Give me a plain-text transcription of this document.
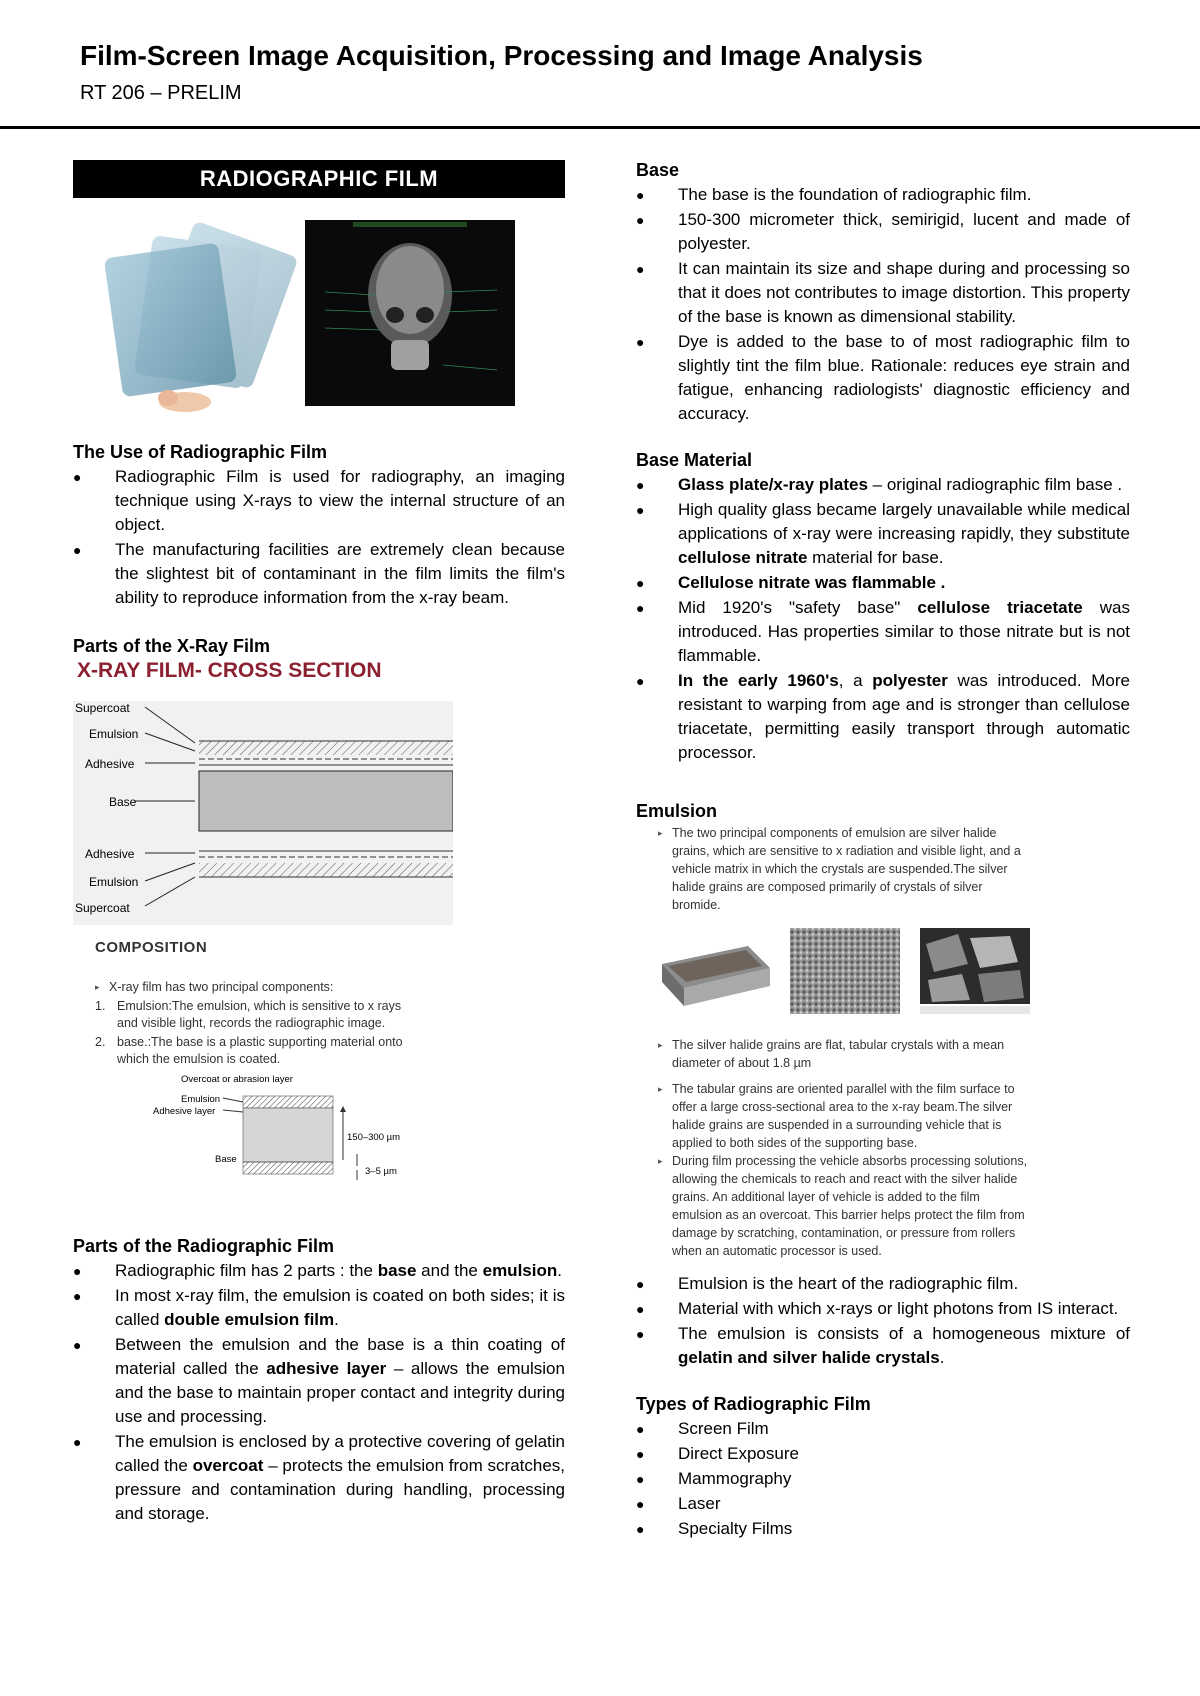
Film-Screen Image Acquisition, Processing and Image Analysis
RT 206 – PRELIM
RADIOGRAPHIC FILM
The Use of Radiographic Film
● Radiographic Film is used for radiography, an imaging technique using X-rays to view the internal structure of an object.
● The manufacturing facilities are extremely clean because the slightest bit of contaminant in the film limits the film's ability to reproduce information from the x-ray beam.
Parts of the X-Ray Film
X-RAY FILM- CROSS SECTION
Supercoat
Emulsion
Adhesive
Base
Adhesive
Emulsion
Supercoat
COMPOSITION
▸ X-ray film has two principal components:
1. Emulsion:The emulsion, which is sensitive to x rays and visible light, records the radiographic image.
2. base.:The base is a plastic supporting material onto which the emulsion is coated.
Overcoat or abrasion layer
Emulsion
Adhesive layer
Base
150–300 µm
3–5 µm
Parts of the Radiographic Film
● Radiographic film has 2 parts : the base and the emulsion.
● In most x-ray film, the emulsion is coated on both sides; it is called double emulsion film.
● Between the emulsion and the base is a thin coating of material called the adhesive layer – allows the emulsion and the base to maintain proper contact and integrity during use and processing.
● The emulsion is enclosed by a protective covering of gelatin called the overcoat – protects the emulsion from scratches, pressure and contamination during handling, processing and storage.
Base
● The base is the foundation of radiographic film.
● 150-300 micrometer thick, semirigid, lucent and made of polyester.
● It can maintain its size and shape during and processing so that it does not contributes to image distortion. This property of the base is known as dimensional stability.
● Dye is added to the base to of most radiographic film to slightly tint the film blue. Rationale: reduces eye strain and fatigue, enhancing radiologists' diagnostic efficiency and accuracy.
Base Material
● Glass plate/x-ray plates – original radiographic film base .
● High quality glass became largely unavailable while medical applications of x-ray were increasing rapidly, they substitute cellulose nitrate material for base.
● Cellulose nitrate was flammable .
● Mid 1920's "safety base" cellulose triacetate was introduced. Has properties similar to those nitrate but is not flammable.
● In the early 1960's, a polyester was introduced. More resistant to warping from age and is stronger than cellulose triacetate, permitting easily transport through automatic processor.
Emulsion
▸ The two principal components of emulsion are silver halide grains, which are sensitive to x radiation and visible light, and a vehicle matrix in which the crystals are suspended.The silver halide grains are composed primarily of crystals of silver bromide.
▸ The silver halide grains are flat, tabular crystals with a mean diameter of about 1.8 µm
▸ The tabular grains are oriented parallel with the film surface to offer a large cross-sectional area to the x-ray beam.The silver halide grains are suspended in a surrounding vehicle that is applied to both sides of the supporting base.
▸ During film processing the vehicle absorbs processing solutions, allowing the chemicals to reach and react with the silver halide grains. An additional layer of vehicle is added to the film emulsion as an overcoat. This barrier helps protect the film from damage by scratching, contamination, or pressure from rollers when an automatic processor is used.
● Emulsion is the heart of the radiographic film.
● Material with which x-rays or light photons from IS interact.
● The emulsion is consists of a homogeneous mixture of gelatin and silver halide crystals.
Types of Radiographic Film
● Screen Film
● Direct Exposure
● Mammography
● Laser
● Specialty Films
